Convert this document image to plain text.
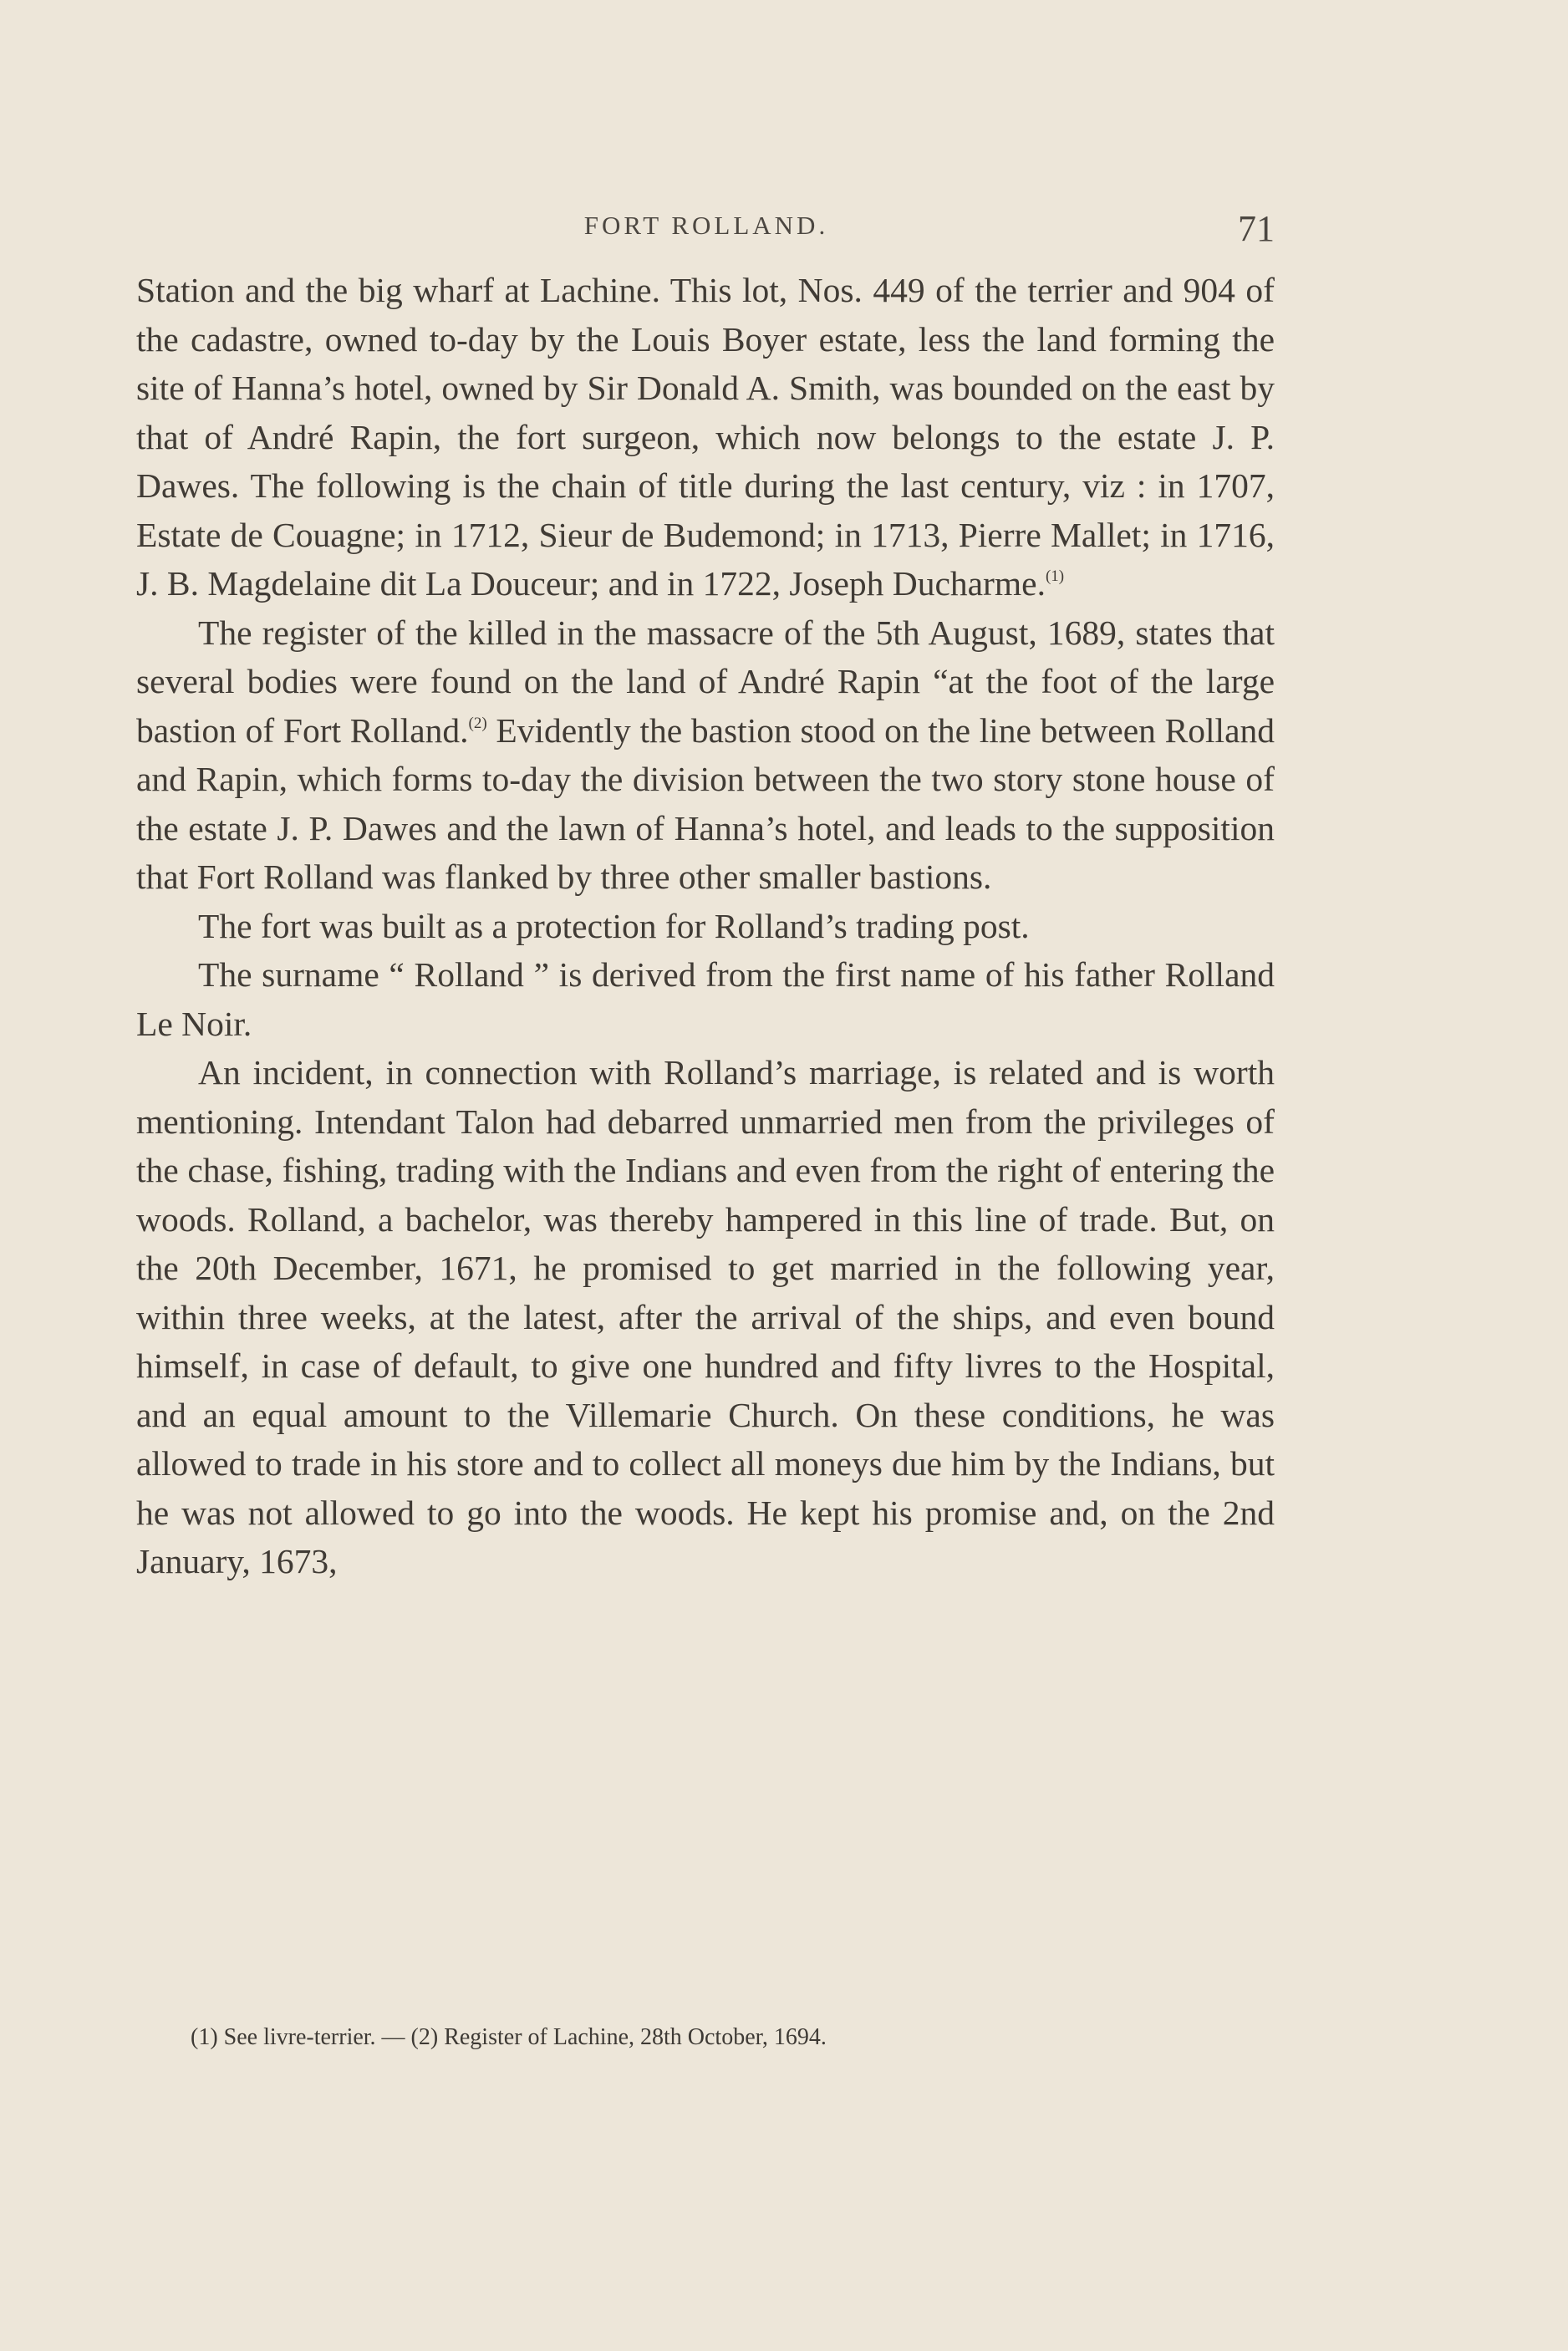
FORT ROLLAND.	71

Station and the big wharf at Lachine. This lot, Nos. 449 of the terrier and 904 of the cadastre, owned to-day by the Louis Boyer estate, less the land forming the site of Hanna’s hotel, owned by Sir Donald A. Smith, was bounded on the east by that of André Rapin, the fort surgeon, which now belongs to the estate J. P. Dawes. The following is the chain of title during the last century, viz : in 1707, Estate de Couagne; in 1712, Sieur de Budemond; in 1713, Pierre Mallet; in 1716, J. B. Magdelaine dit La Douceur; and in 1722, Joseph Ducharme.$^{(1)}$

The register of the killed in the massacre of the 5th August, 1689, states that several bodies were found on the land of André Rapin “at the foot of the large bastion of Fort Rolland.$^{(2)}$ Evidently the bastion stood on the line between Rolland and Rapin, which forms to-day the division between the two story stone house of the estate J. P. Dawes and the lawn of Hanna’s hotel, and leads to the supposition that Fort Rolland was flanked by three other smaller bastions.

The fort was built as a protection for Rolland’s trading post.

The surname “ Rolland ” is derived from the first name of his father Rolland Le Noir.

An incident, in connection with Rolland’s marriage, is related and is worth mentioning. Intendant Talon had debarred unmarried men from the privileges of the chase, fishing, trading with the Indians and even from the right of entering the woods. Rolland, a bachelor, was thereby hampered in this line of trade. But, on the 20th December, 1671, he promised to get married in the following year, within three weeks, at the latest, after the arrival of the ships, and even bound himself, in case of default, to give one hundred and fifty livres to the Hospital, and an equal amount to the Villemarie Church. On these conditions, he was allowed to trade in his store and to collect all moneys due him by the Indians, but he was not allowed to go into the woods. He kept his promise and, on the 2nd January, 1673,

(1) See livre-terrier. — (2) Register of Lachine, 28th October, 1694.
